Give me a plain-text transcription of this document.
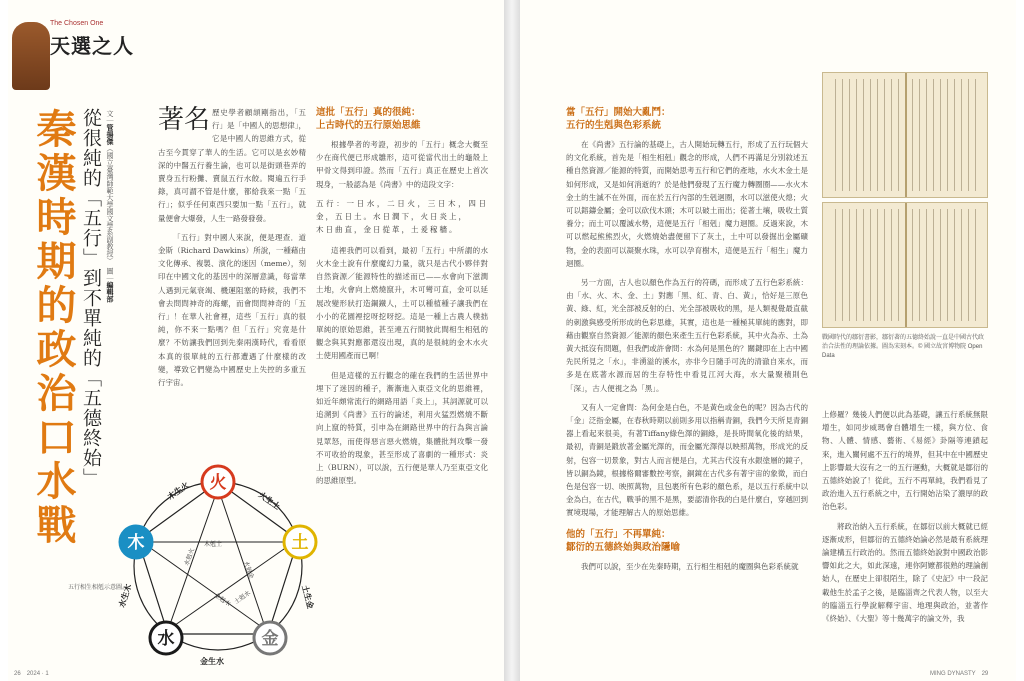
The Chosen One
天選之人
秦漢時期的政治口水戰 從很純的「五行」到不單純的「五德終始」 文｜管揚傑（國立臺灣師範大學國文學系副教授）　圖｜編輯部

著名 歷史學者顧頡剛指出，「五行」是「中國人的思想律」，它是中國人的思維方式，從古至今貫穿了華人的生活。它可以是玄妙精深的中醫五行養生論，也可以是街頭巷弄的賣身五行粉攤、賣鼠五行水餃。閱遍五行手錄，真可謂不管是什麼，都給我來一點「五行」；似乎任何東西只要加一點「五行」，就量便會大爆發，人生一路發發發。

「五行」對中國人來說，便是理查．道金斯（Richard Dawkins）所說，一種藉由文化傳承、複製、演化的迷因（meme），刻印在中國文化的基因中的深層意識，每當華人遇到元氣衰竭、機運阻塞的時候，我們不會去問問神奇的海螺，而會問問神奇的「五行」！在華人社會裡，這些「五行」真的很純，你不來一點嗎？但「五行」究竟是什麼？不妨讓我們回到先秦兩漢時代，看看原本真的很單純的五行都遭遇了什麼樣的改變，導致它們變為中國歷史上失控的多重五行宇宙。

這批「五行」真的很純：
上古時代的五行原始思維

根據學者的考證，初步的「五行」概念大概至少在商代便已形成雛形，這可從當代出土的龜殼上甲骨文得到印證。然而「五行」真正在歷史上首次現身，一般認為是《尚書》中的這段文字：

五行：一日水，二日火，三日木，四日金，五日土。水日潤下，火日炎上，
木日曲直，金日從革，土爰稼穡。

這裡我們可以看到，最初「五行」中所謂的水火木金土說有什麼魔幻力量，就只是古代小夥伴對自然資源／能源特性的描述而已——水會向下滋潤土地，火會向上燃燒竄升，木可彎可直，金可以延展改變形狀打造鋼鐵人，土可以種植種子讓我們在小小的花園裡挖呀挖呀挖。這是一種上古農人樸拙單純的原始思維，甚至連五行間彼此間相生相剋的觀念與其對應都還沒出現，真的是很純的金木水火土使用國產而已啊！

但是這樣的五行觀念的確在我們的生活世界中埋下了迷因的種子，漸漸進入東亞文化的思維裡，如近年頗常流行的網路用語「炎上」，其詞源就可以追溯到《尚書》五行的論述，利用火猛烈燃燒不斷向上竄的特質，引申為在網路世界中的行為與言論見眾怒，而使得惡言惡火燃燒，集體批判攻擊一發不可收拾的現象，甚至形成了喜劇的一種形式：炎上（BURN），可以說，五行便是華人乃至東亞文化的思維原型。

火
土
金
水
木
木生火	火生土
土生金
金生水
水生木
木剋土
水剋火
火剋金
金剋木 土剋水
五行相生相剋示意圖。
當「五行」開始大亂鬥：
五行的生剋與色彩系統

在《尚書》五行論的基礎上，古人開始玩轉五行，形成了五行玩個大的文化系統，首先是「相生相剋」觀念的形成，人們不再滿足分別敘述五種自然資源／能源的特質，而開始思考五行和它們的產地，水火木金土是如何形成，又是如何消逝的？於是他們發現了五行魔力轉圈圈——水火木金土的生滅不在外面，而在於五行內部的生剋迴圈，水可以滋使火熄；火可以鎔鑄金屬；金可以砍伐木頭；木可以破土而出；從著土壤，吸收土質養分；而土可以覆滅水勢，這便是五行「相剋」魔力迴圈。反過來說，木可以燃起熊熊烈火，火燃燒始盡便留下了灰土，土中可以發掘出金屬礦物，金的表面可以凝聚水珠，水可以孕育樹木，這便是五行「相生」魔力迴圈。

另一方面，古人也以顏色作為五行的符碼，而形成了五行色彩系統：由「水、火、木、金、土」對應「黑、紅、青、白、黃」，恰好是三原色黃、綠、紅，光全部被反射的白、光全部被吸收的黑，是人類視覺最直截的刺激與感受所形成的色彩思維，其實，這也是一種極其單純的應對，即藉由觀察自然資源／能源的顏色來產生五行色彩系統，其中火為赤、土為黃大抵沒有問題，但我們或許會問：水為何是黑色的？關鍵即在上古中國先民所見之「水」，非湧溢的溪水，亦非今日隨手可洗的清澈自來水，而多是在底著水源而居的生存特性中看見江河大海，水大量聚積則色「深」，古人便視之為「黑」。

又有人一定會問：為何金是白色，不是黃色或金色的呢？因為古代的「金」泛指金屬，在春秋時期以前則多用以指稱青銅，我們今天所見青銅器上看起來很美，有著Tiffany綠色澤的銅綠，是長時間氧化後的結果，最初，青銅是鍛放著金屬光澤的，而金屬光澤得以映照萬物，形成光的反射，包容一切景象，對古人而言便是白，尤其古代沒有水銀塗層的鏡子，皆以銅為鏡，根據格爾審數控考察，銅鏡在古代多有著宇宙的象徵，而白色是包容一切、映照萬物，且包裹所有色彩的顏色系，是以五行系統中以金為白，在古代，戰爭的黑不是黑，要認清你我的白是什麼白，穿越回到實境現場，才能理解古人的原始思維。

他的「五行」不再單純：
鄒衍的五德終始與政治隱喻

我們可以說，至少在先秦時期，五行相生相剋的魔圈與色彩系統就

戰國時代的鄒衍書影，鄒衍著的五德終始說一直是中國古代政治合法性的理論依據。圖為宋刻本。© 國立故宮博物院 Open Data

上修羅？幾後人們便以此為基礎，讓五行系統無限增生，如同步威瑪會自體增生一樣，與方位、食物、人體、情感、藝術、《易經》卦隔等連鎖起來，進入關何處不五行的境界，但其中在中國歷史上影響最大沒有之一的五行運動，大概就是鄒衍的五德終始說了！從此，五行不再單純，我們看見了政治進入五行系統之中，五行開始沾染了濃厚的政治色彩。

將政治納入五行系統，在鄒衍以前大概就已經逐漸成形，但鄒衍的五德終始論必然是最有系統理論建構五行政治的。然而五德終始說對中國政治影響如此之大，如此深遠，連你阿嬤都很熟的理論創始人，在歷史上卻很陌生，除了《史記》中一段記載他生於孟子之後，是臨淄齊之代表人物，以至大的臨淄五行學說解釋宇宙、地理與政治，並著作《終始》、《大聖》等十幾萬字的論文外，我

26　 2024 · 1	MING DYNASTY　 29
